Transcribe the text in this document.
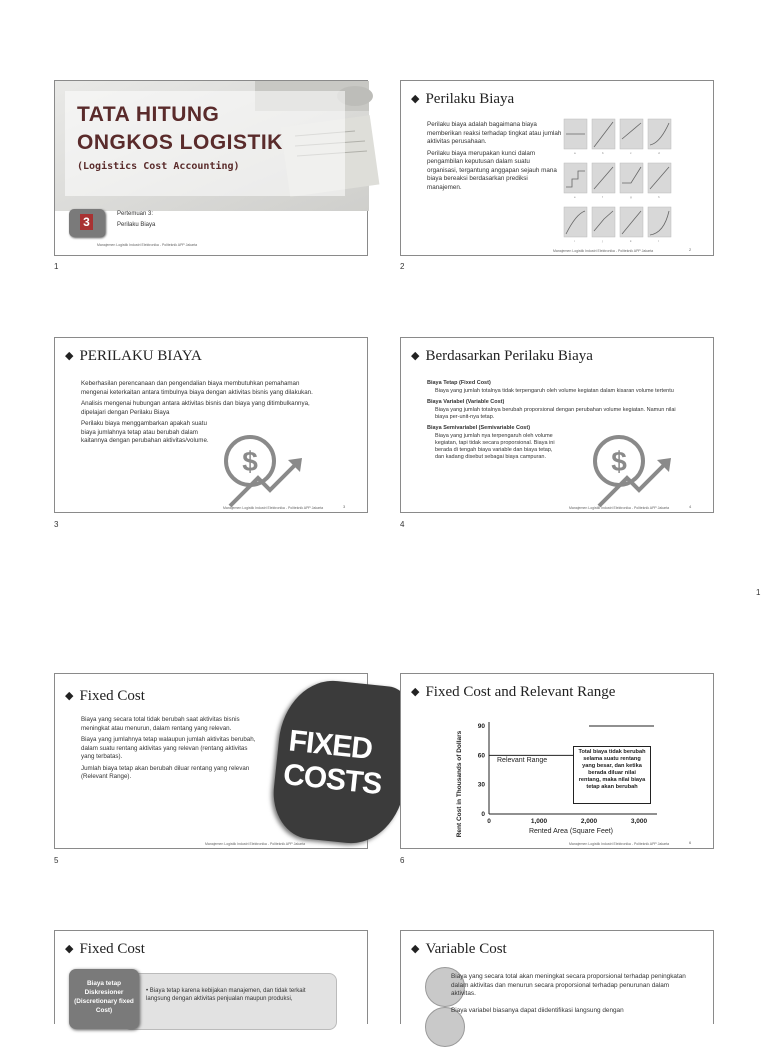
TATA HITUNG
ONGKOS LOGISTIK
(Logistics Cost Accounting)
3
Pertemuan 3:
Perilaku Biaya
Manajemen Logistik Industri Elektronika - Politeknik APP Jakarta
1
◆ Perilaku Biaya

Perilaku biaya adalah bagaimana biaya memberikan reaksi terhadap tingkat atau jumlah aktivitas perusahaan.

Perilaku biaya merupakan kunci dalam pengambilan keputusan dalam suatu organisasi, tergantung anggapan sejauh mana biaya bereaksi berdasarkan prediksi manajemen.

a	b	c	d
e	f	g	h
i	j	k	l
Manajemen Logistik Industri Elektronika - Politeknik APP Jakarta	2
2
◆ PERILAKU BIAYA

Keberhasilan perencanaan dan pengendalian biaya membutuhkan pemahaman mengenai keterkaitan antara timbulnya biaya dengan aktivitas bisnis yang dilakukan.

Analisis mengenai hubungan antara aktivitas bisnis dan biaya yang ditimbulkannya, dipelajari dengan Perilaku Biaya

Perilaku biaya menggambarkan apakah suatu biaya jumlahnya tetap atau berubah dalam kaitannya dengan perubahan aktivitas/volume.

$
Manajemen Logistik Industri Elektronika - Politeknik APP Jakarta	3
3
◆ Berdasarkan Perilaku Biaya
Biaya Tetap (Fixed Cost)
Biaya yang jumlah totalnya tidak terpengaruh oleh volume kegiatan dalam kisaran volume tertentu
Biaya Variabel (Variable Cost)
Biaya yang jumlah totalnya berubah proporsional dengan perubahan volume kegiatan. Namun nilai biaya per-unit-nya tetap.
Biaya Semivariabel (Semivariable Cost)
Biaya yang jumlah nya terpengaruh oleh volume kegiatan, tapi tidak secara proporsional. Biaya ini berada di tengah biaya variable dan biaya tetap, dan kadang disebut sebagai biaya campuran.	$
Manajemen Logistik Industri Elektronika - Politeknik APP Jakarta	4
4
1
◆ Fixed Cost

Biaya yang secara total tidak berubah saat aktivitas bisnis meningkat atau menurun, dalam rentang yang relevan.

Biaya yang jumlahnya tetap walaupun jumlah aktivitas berubah, dalam suatu rentang aktivitas yang relevan (rentang aktivitas yang terbatas).

Jumlah biaya tetap akan berubah diluar rentang yang relevan (Relevant Range).

FIXED
COSTS
Manajemen Logistik Industri Elektronika - Politeknik APP Jakarta
5
◆ Fixed Cost and Relevant Range
0	1,000	2,000	3,000
0
30
60
90
Rented Area (Square Feet)
Rent Cost in Thousands of Dollars	Relevant Range
Total biaya tidak berubah selama suatu rentang yang besar, dan ketika berada diluar nilai rentang, maka nilai biaya tetap akan berubah
Manajemen Logistik Industri Elektronika - Politeknik APP Jakarta	6
6
◆ Fixed Cost
• Biaya tetap karena kebijakan manajemen, dan tidak terkait langsung dengan aktivitas penjualan maupun produksi,
Biaya tetap Diskresioner (Discretionary fixed Cost)
◆ Variable Cost

Biaya yang secara total akan meningkat secara proporsional terhadap peningkatan dalam aktivitas dan menurun secara proporsional terhadap penurunan dalam aktivitas.

Biaya variabel biasanya dapat diidentifikasi langsung dengan
